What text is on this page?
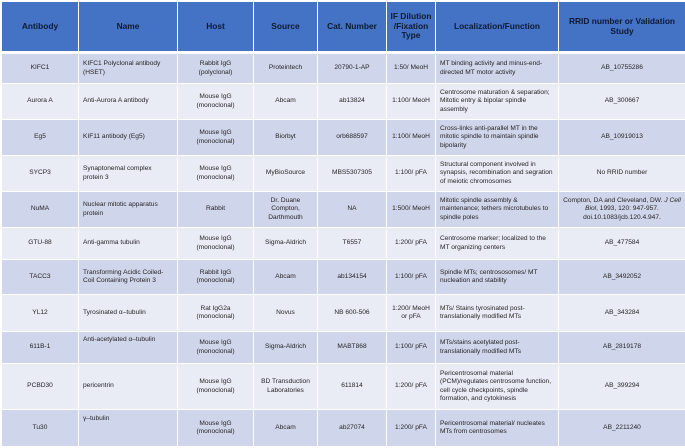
Antibody	Name	Host	Source	Cat. Number	IF Dilution /Fixation Type	Localization/Function	RRID number or Validation Study
KIFC1	KIFC1 Polyclonal antibody (HSET)	Rabbit IgG (polyclonal)	Proteintech	20790-1-AP	1:50/ MeoH	MT binding activity and minus-end-directed MT motor activity	AB_10755286
Aurora A	Anti-Aurora A antibody	Mouse IgG (monoclonal)	Abcam	ab13824	1:100/ MeoH	Centrosome maturation & separation; Mitotic entry & bipolar spindle assembly	AB_300667
Eg5	KIF11 antibody (Eg5)	Mouse IgG (monoclonal)	Biorbyt	orb688597	1:100/ MeoH	Cross-links anti-parallel MT in the mitotic spindle to maintain spindle bipolarity	AB_10919013
SYCP3	Synaptonemal complex protein 3	Mouse IgG (monoclonal)	MyBioSource	MBS5307305	1:100/ pFA	Structural component involved in synapsis, recombination and segration of meiotic chromosomes	No RRID number
NuMA	Nuclear mitotic apparatus protein	Rabbit	Dr. Duane Compton, Darthmouth	NA	1:500/ MeoH	Mitotic spindle assembly & maintenance; tethers microtubules to spindle poles	Compton, DA and Cleveland, DW. J Cell Biol, 1993, 120: 947-957. doi.10.1083/jcb.120.4.947.
GTU-88	Anti-gamma tubulin	Mouse IgG (monoclonal)	Sigma-Aldrich	T6557	1:200/ pFA	Centrosome marker; localized to the MT organizing centers	AB_477584
TACC3	Transforming Acidic Coiled-Coil Containing Protein 3	Rabbit IgG (monoclonal)	Abcam	ab134154	1:100/ pFA	Spindle MTs; centrososomes/ MT nucleation and stability	AB_3492052
YL12	Tyrosinated α–tubulin	Rat IgG2a (monoclonal)	Novus	NB 600-506	1:200/ MeoH or pFA	MTs/ Stains tyrosinated post-translationally modified MTs	AB_343284
611B-1	Anti-acetylated α–tubulin	Mouse IgG (monoclonal)	Sigma-Aldrich	MABT868	1:100/ pFA	MTs/stains acetylated post-translationally modified MTs	AB_2819178
PCBD30	pericentrin	Mouse IgG (monoclonal)	BD Transduction Laboratories	611814	1:200/ pFA	Pericentrosomal material (PCM)/regulates centrosome function, cell cycle checkpoints, spindle formation, and cytokinesis	AB_399294
Tu30	γ–tubulin	Mouse IgG (monoclonal)	Abcam	ab27074	1:200/ pFA	Pericentrosomal material/ nucleates MTs from centrosomes	AB_2211240
